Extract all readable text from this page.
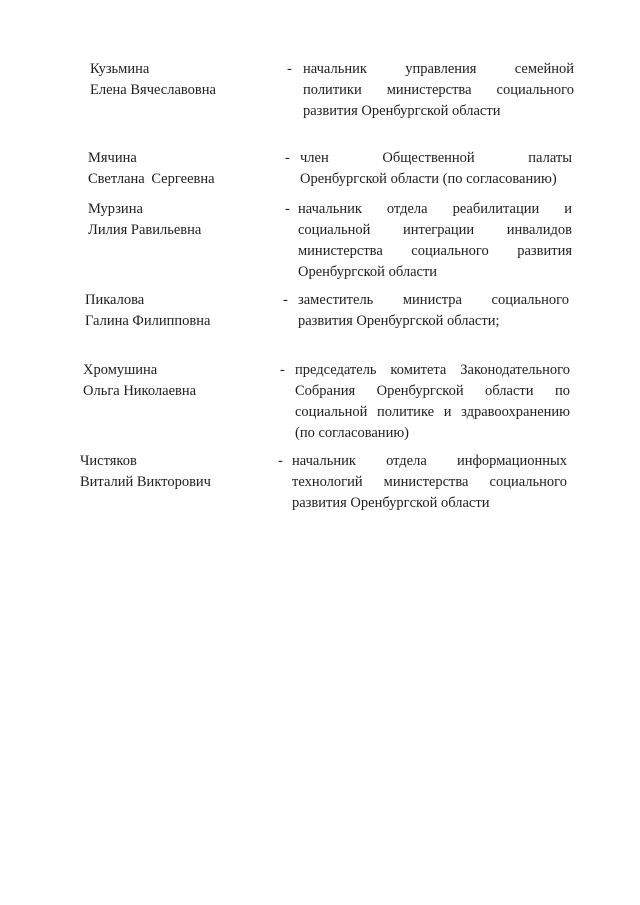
Кузьмина
Елена Вячеславовна
- начальник управления семейной
политики министерства социального
развития Оренбургской области
Мячина
Светлана Сергеевна
- член Общественной палаты
Оренбургской области (по согласованию)
Мурзина
Лилия Равильевна
- начальник отдела реабилитации и
социальной интеграции инвалидов
министерства социального развития
Оренбургской области
Пикалова
Галина Филипповна
- заместитель министра социального
развития Оренбургской области;
Хромушина
Ольга Николаевна
- председатель комитета Законодательного
Собрания Оренбургской области по
социальной политике и здравоохранению
(по согласованию)
Чистяков
Виталий Викторович
- начальник отдела информационных
технологий министерства социального
развития Оренбургской области
